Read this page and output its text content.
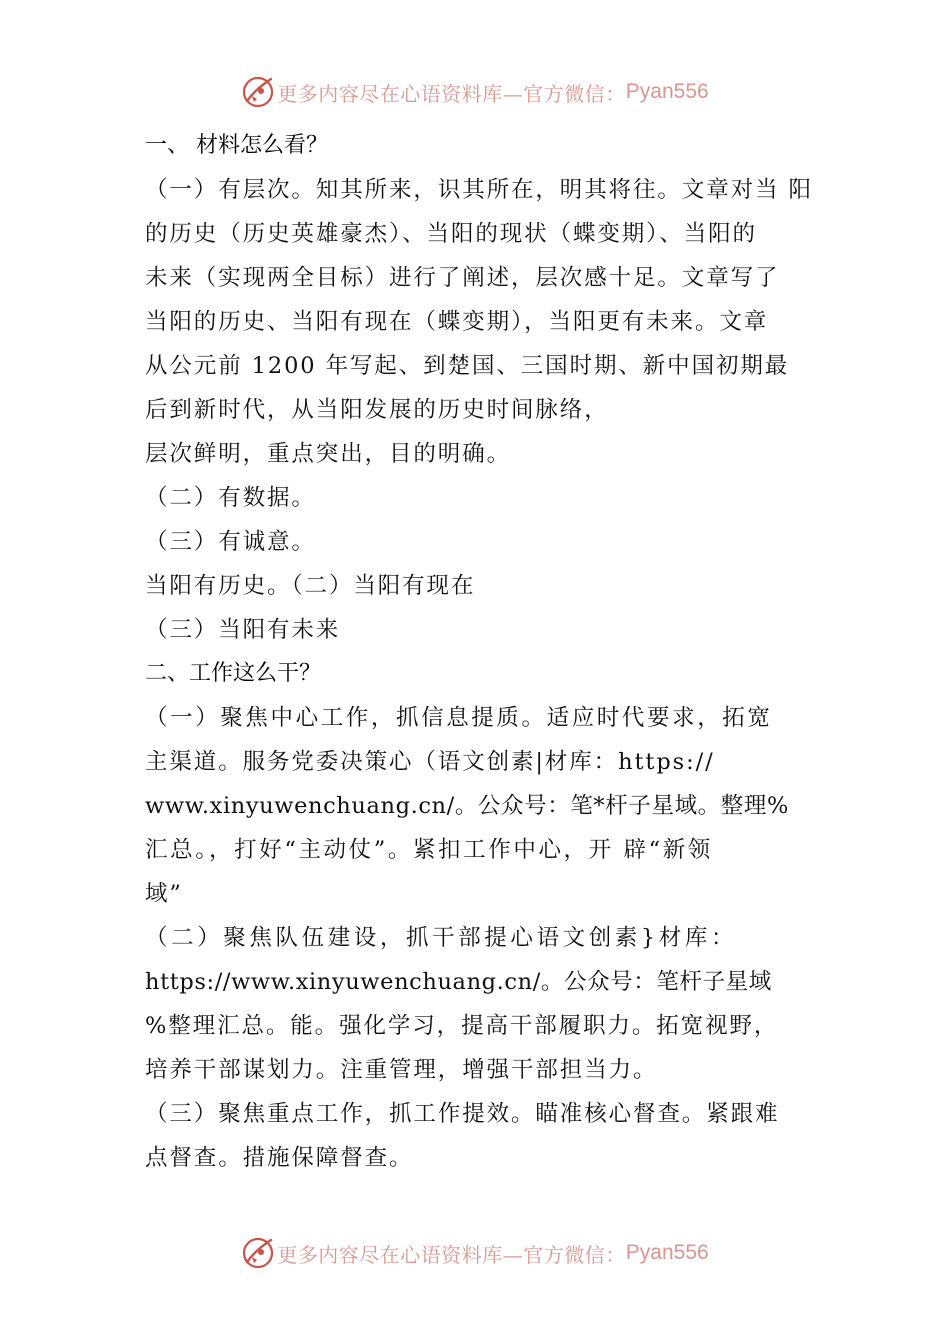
更多内容尽在心语资料库—官方微信： Pyan556
一、 材料怎么看？
（一）有层次。知其所来，识其所在，明其将往。文章对当 阳
的历史（历史英雄豪杰）、当阳的现状（蝶变期）、当阳的
未来（实现两全目标）进行了阐述，层次感十足。文章写了
当阳的历史、当阳有现在（蝶变期），当阳更有未来。文章
从公元前 1200 年写起、到楚国、三国时期、新中国初期最
后到新时代，从当阳发展的历史时间脉络，
层次鲜明，重点突出，目的明确。
（二）有数据。
（三）有诚意。
当阳有历史。（二）当阳有现在
（三）当阳有未来
二、工作这么干？
（一）聚焦中心工作，抓信息提质。适应时代要求，拓宽
主渠道。服务党委决策心（语文创素|材库：https://
www.xinyuwenchuang.cn/。公众号：笔*杆子星域。整理%
汇总。，打好“主动仗”。紧扣工作中心，开 辟“新领
域”
（二）聚焦队伍建设，抓干部提心语文创素}材库：
https://www.xinyuwenchuang.cn/。公众号：笔杆子星域
%整理汇总。能。强化学习，提高干部履职力。拓宽视野，
培养干部谋划力。注重管理，增强干部担当力。
（三）聚焦重点工作，抓工作提效。瞄准核心督查。紧跟难
点督查。措施保障督查。
更多内容尽在心语资料库—官方微信： Pyan556
